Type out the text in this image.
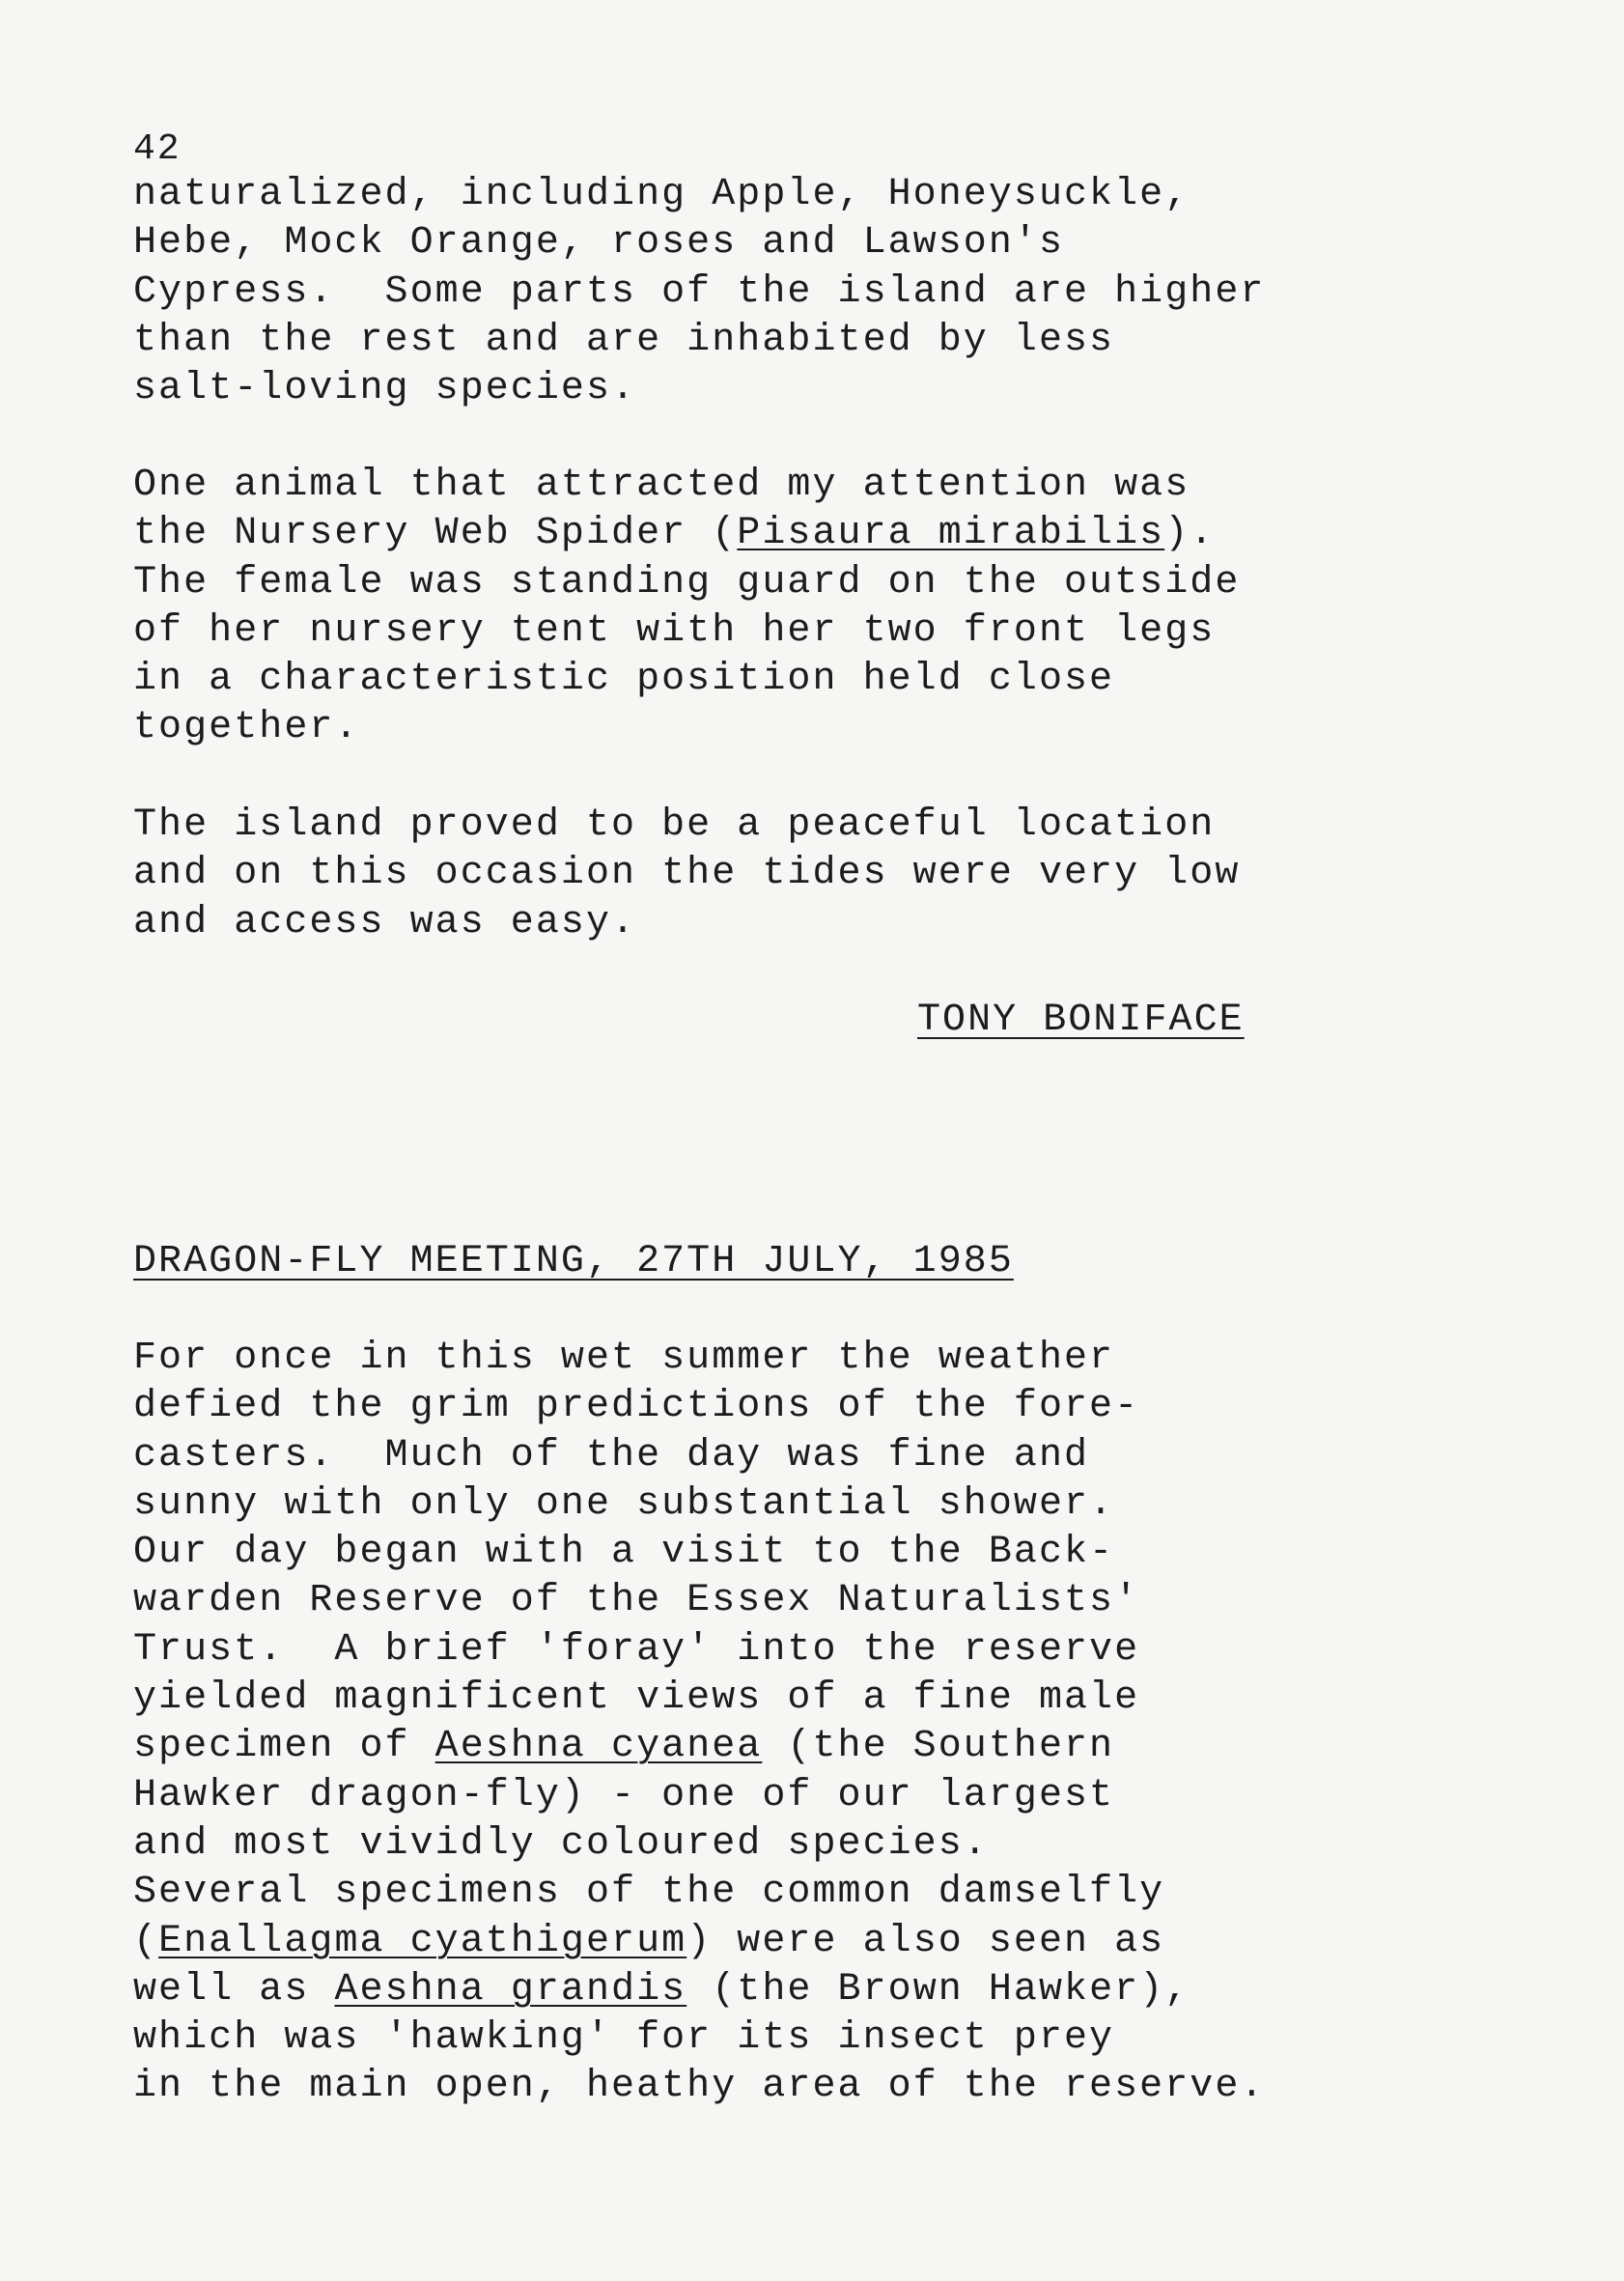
42
naturalized, including Apple, Honeysuckle,
Hebe, Mock Orange, roses and Lawson's
Cypress.  Some parts of the island are higher
than the rest and are inhabited by less
salt-loving species.
One animal that attracted my attention was
the Nursery Web Spider (Pisaura mirabilis).
The female was standing guard on the outside
of her nursery tent with her two front legs
in a characteristic position held close
together.
The island proved to be a peaceful location
and on this occasion the tides were very low
and access was easy.
TONY BONIFACE
DRAGON-FLY MEETING, 27TH JULY, 1985
For once in this wet summer the weather
defied the grim predictions of the fore-
casters.  Much of the day was fine and
sunny with only one substantial shower.
Our day began with a visit to the Back-
warden Reserve of the Essex Naturalists'
Trust.  A brief 'foray' into the reserve
yielded magnificent views of a fine male
specimen of Aeshna cyanea (the Southern
Hawker dragon-fly) - one of our largest
and most vividly coloured species.
Several specimens of the common damselfly
(Enallagma cyathigerum) were also seen as
well as Aeshna grandis (the Brown Hawker),
which was 'hawking' for its insect prey
in the main open, heathy area of the reserve.
